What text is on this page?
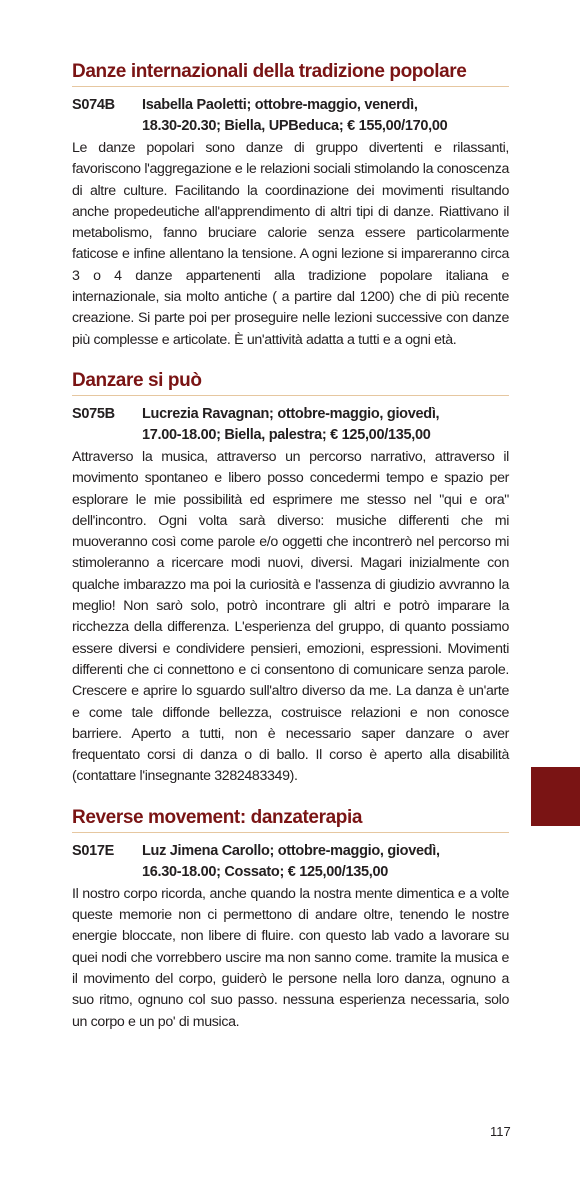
Danze internazionali della tradizione popolare
S074B	Isabella Paoletti; ottobre-maggio, venerdì,
18.30-20.30; Biella, UPBeduca; € 155,00/170,00
Le danze popolari sono danze di gruppo divertenti e rilassanti, favoriscono l'aggregazione e le relazioni sociali stimolando la conoscenza di altre culture. Facilitando la coordinazione dei movimenti risultando anche propedeutiche all'apprendimento di altri tipi di danze. Riattivano il metabolismo, fanno bruciare calorie senza essere particolarmente faticose e infine allentano la tensione. A ogni lezione si impareranno circa 3 o 4 danze appartenenti alla tradizione popolare italiana e internazionale, sia molto antiche ( a partire dal 1200) che di più recente creazione. Si parte poi per proseguire nelle lezioni successive con danze più complesse e articolate. È un'attività adatta a tutti e a ogni età.
Danzare si può
S075B	Lucrezia Ravagnan; ottobre-maggio, giovedì,
17.00-18.00; Biella, palestra; € 125,00/135,00
Attraverso la musica, attraverso un percorso narrativo, attraverso il movimento spontaneo e libero posso concedermi tempo e spazio per esplorare le mie possibilità ed esprimere me stesso nel "qui e ora" dell'incontro. Ogni volta sarà diverso: musiche differenti che mi muoveranno così come parole e/o oggetti che incontrerò nel percorso mi stimoleranno a ricercare modi nuovi, diversi. Magari inizialmente con qualche imbarazzo ma poi la curiosità e l'assenza di giudizio avvranno la meglio! Non sarò solo, potrò incontrare gli altri e potrò imparare la ricchezza della differenza. L'esperienza del gruppo, di quanto possiamo essere diversi e condividere pensieri, emozioni, espressioni. Movimenti differenti che ci connettono e ci consentono di comunicare senza parole. Crescere e aprire lo sguardo sull'altro diverso da me. La danza è un'arte e come tale diffonde bellezza, costruisce relazioni e non conosce barriere. Aperto a tutti, non è necessario saper danzare o aver frequentato corsi di danza o di ballo. Il corso è aperto alla disabilità (contattare l'insegnante 3282483349).
Reverse movement: danzaterapia
S017E	Luz Jimena Carollo; ottobre-maggio, giovedì,
16.30-18.00; Cossato; € 125,00/135,00
Il nostro corpo ricorda, anche quando la nostra mente dimentica e a volte queste memorie non ci permettono di andare oltre, tenendo le nostre energie bloccate, non libere di fluire. con questo lab vado a lavorare su quei nodi che vorrebbero uscire ma non sanno come. tramite la musica e il movimento del corpo, guiderò le persone nella loro danza, ognuno a suo ritmo, ognuno col suo passo. nessuna esperienza necessaria, solo un corpo e un po' di musica.
117
